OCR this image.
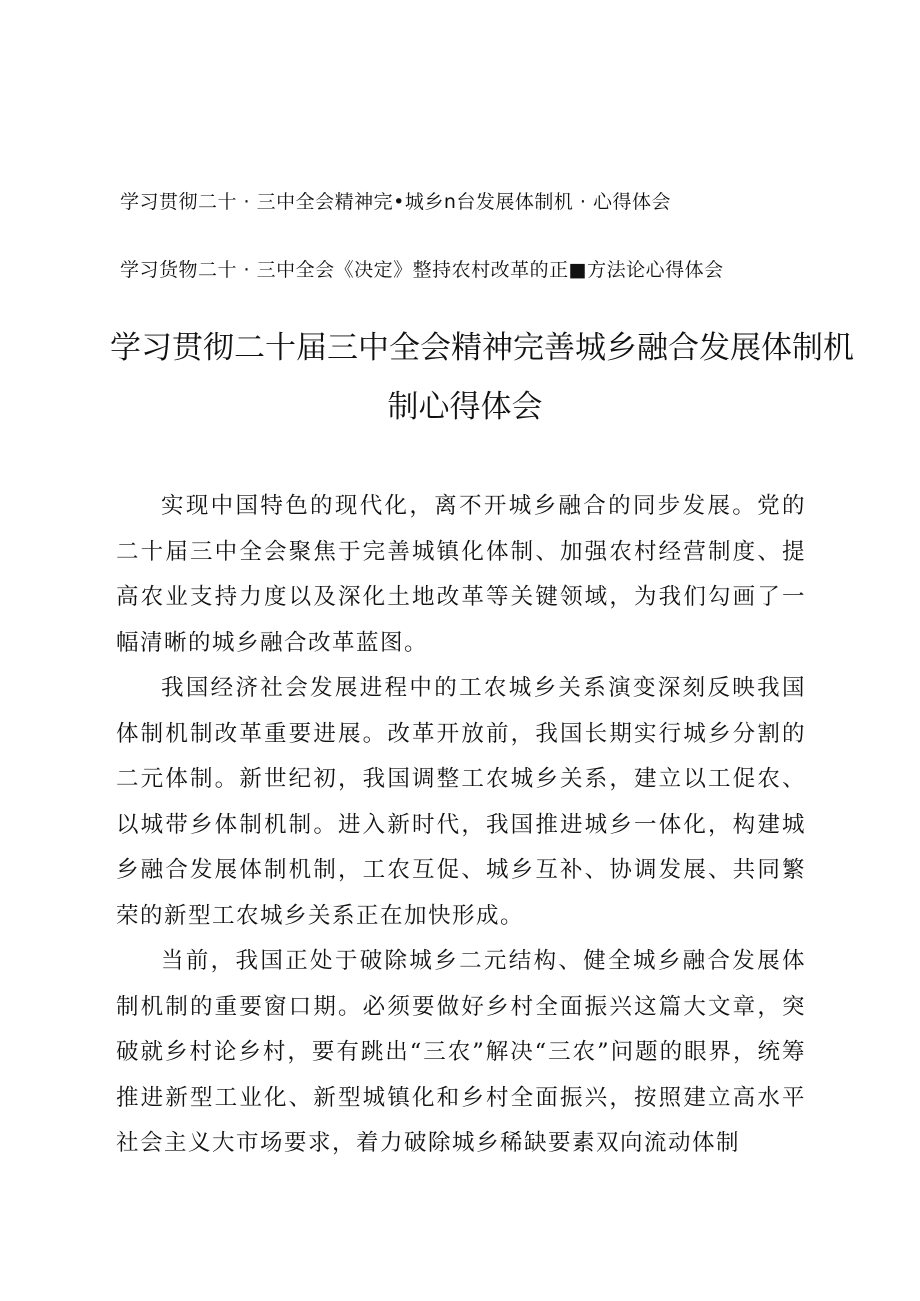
学习贯彻二十 · 三中全会精神完•城乡n台发展体制机 · 心得体会
学习货物二十 · 三中全会《决定》整持农村改革的正■方法论心得体会
学习贯彻二十届三中全会精神完善城乡融合发展体制机
制心得体会

实现中国特色的现代化，离不开城乡融合的同步发展。党的二十届三中全会聚焦于完善城镇化体制、加强农村经营制度、提高农业支持力度以及深化土地改革等关键领域，为我们勾画了一幅清晰的城乡融合改革蓝图。

我国经济社会发展进程中的工农城乡关系演变深刻反映我国体制机制改革重要进展。改革开放前，我国长期实行城乡分割的二元体制。新世纪初，我国调整工农城乡关系，建立以工促农、以城带乡体制机制。进入新时代，我国推进城乡一体化，构建城乡融合发展体制机制，工农互促、城乡互补、协调发展、共同繁荣的新型工农城乡关系正在加快形成。

当前，我国正处于破除城乡二元结构、健全城乡融合发展体制机制的重要窗口期。必须要做好乡村全面振兴这篇大文章，突破就乡村论乡村，要有跳出“三农”解决“三农”问题的眼界，统筹推进新型工业化、新型城镇化和乡村全面振兴，按照建立高水平社会主义大市场要求，着力破除城乡稀缺要素双向流动体制
